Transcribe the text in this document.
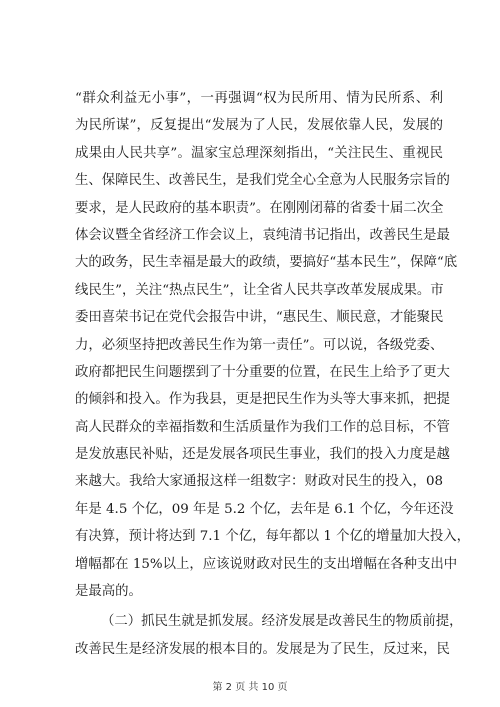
“群众利益无小事”，一再强调“权为民所用、情为民所系、利
为民所谋”，反复提出“发展为了人民，发展依靠人民，发展的
成果由人民共享”。温家宝总理深刻指出，“关注民生、重视民
生、保障民生、改善民生，是我们党全心全意为人民服务宗旨的
要求，是人民政府的基本职责”。在刚刚闭幕的省委十届二次全
体会议暨全省经济工作会议上，袁纯清书记指出，改善民生是最
大的政务，民生幸福是最大的政绩，要搞好“基本民生”，保障“底
线民生”，关注“热点民生”，让全省人民共享改革发展成果。市
委田喜荣书记在党代会报告中讲，“惠民生、顺民意，才能聚民
力，必须坚持把改善民生作为第一责任”。可以说，各级党委、
政府都把民生问题摆到了十分重要的位置，在民生上给予了更大
的倾斜和投入。作为我县，更是把民生作为头等大事来抓，把提
高人民群众的幸福指数和生活质量作为我们工作的总目标，不管
是发放惠民补贴，还是发展各项民生事业，我们的投入力度是越
来越大。我给大家通报这样一组数字：财政对民生的投入，08
年是 4.5 个亿，09 年是 5.2 个亿，去年是 6.1 个亿，今年还没
有决算，预计将达到 7.1 个亿，每年都以 1 个亿的增量加大投入，
增幅都在 15%以上，应该说财政对民生的支出增幅在各种支出中
是最高的。
（二）抓民生就是抓发展。经济发展是改善民生的物质前提，
改善民生是经济发展的根本目的。发展是为了民生，反过来，民
第 2 页 共 10 页
